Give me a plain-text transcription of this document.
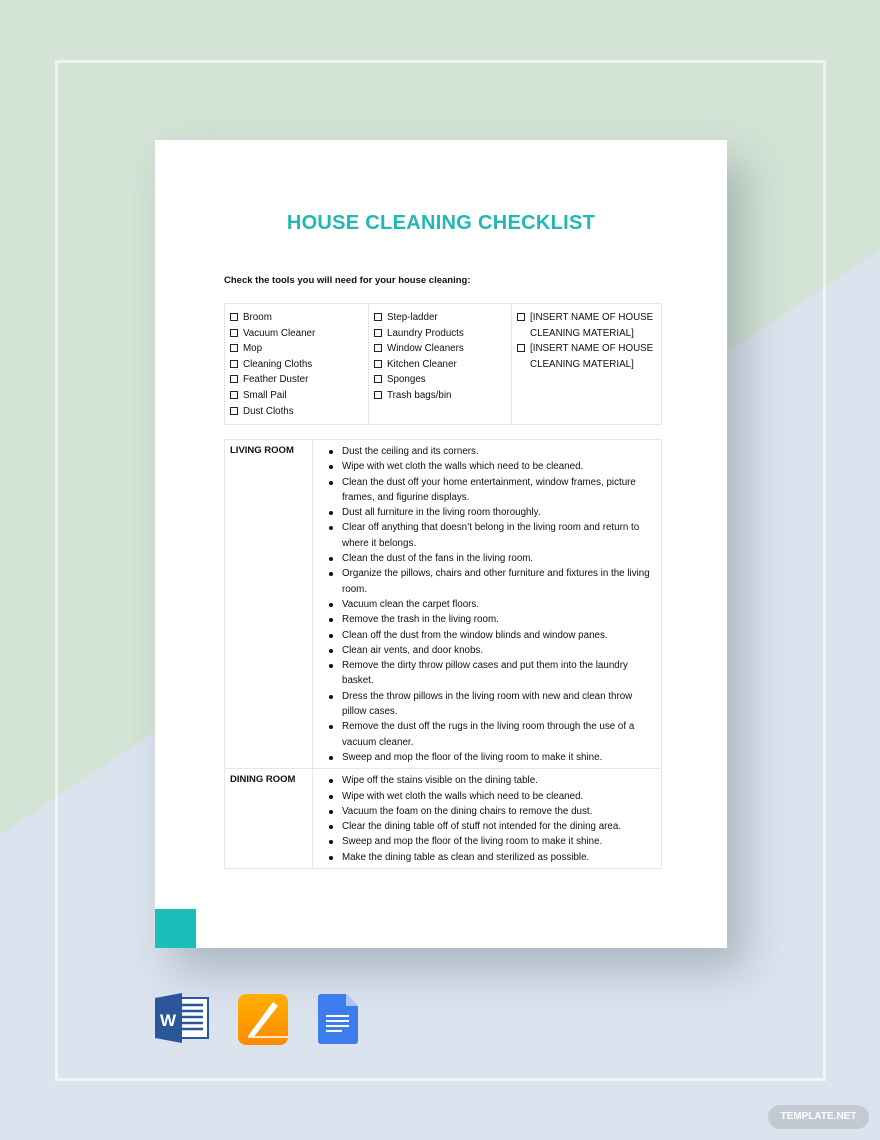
HOUSE CLEANING CHECKLIST
Check the tools you will need for your house cleaning:
Broom
Vacuum Cleaner
Mop
Cleaning Cloths
Feather Duster
Small Pail
Dust Cloths
Step-ladder
Laundry Products
Window Cleaners
Kitchen Cleaner
Sponges
Trash bags/bin
[INSERT NAME OF HOUSE CLEANING MATERIAL]
[INSERT NAME OF HOUSE CLEANING MATERIAL]
LIVING ROOM	Dust the ceiling and its corners.
Wipe with wet cloth the walls which need to be cleaned.
Clean the dust off your home entertainment, window frames, picture frames, and figurine displays.
Dust all furniture in the living room thoroughly.
Clear off anything that doesn’t belong in the living room and return to where it belongs.
Clean the dust of the fans in the living room.
Organize the pillows, chairs and other furniture and fixtures in the living room.
Vacuum clean the carpet floors.
Remove the trash in the living room.
Clean off the dust from the window blinds and window panes.
Clean air vents, and door knobs.
Remove the dirty throw pillow cases and put them into the laundry basket.
Dress the throw pillows in the living room with new and clean throw pillow cases.
Remove the dust off the rugs in the living room through the use of a vacuum cleaner.
Sweep and mop the floor of the living room to make it shine.
DINING ROOM	Wipe off the stains visible on the dining table.
Wipe with wet cloth the walls which need to be cleaned.
Vacuum the foam on the dining chairs to remove the dust.
Clear the dining table off of stuff not intended for the dining area.
Sweep and mop the floor of the living room to make it shine.
Make the dining table as clean and sterilized as possible.
W
TEMPLATE.NET
